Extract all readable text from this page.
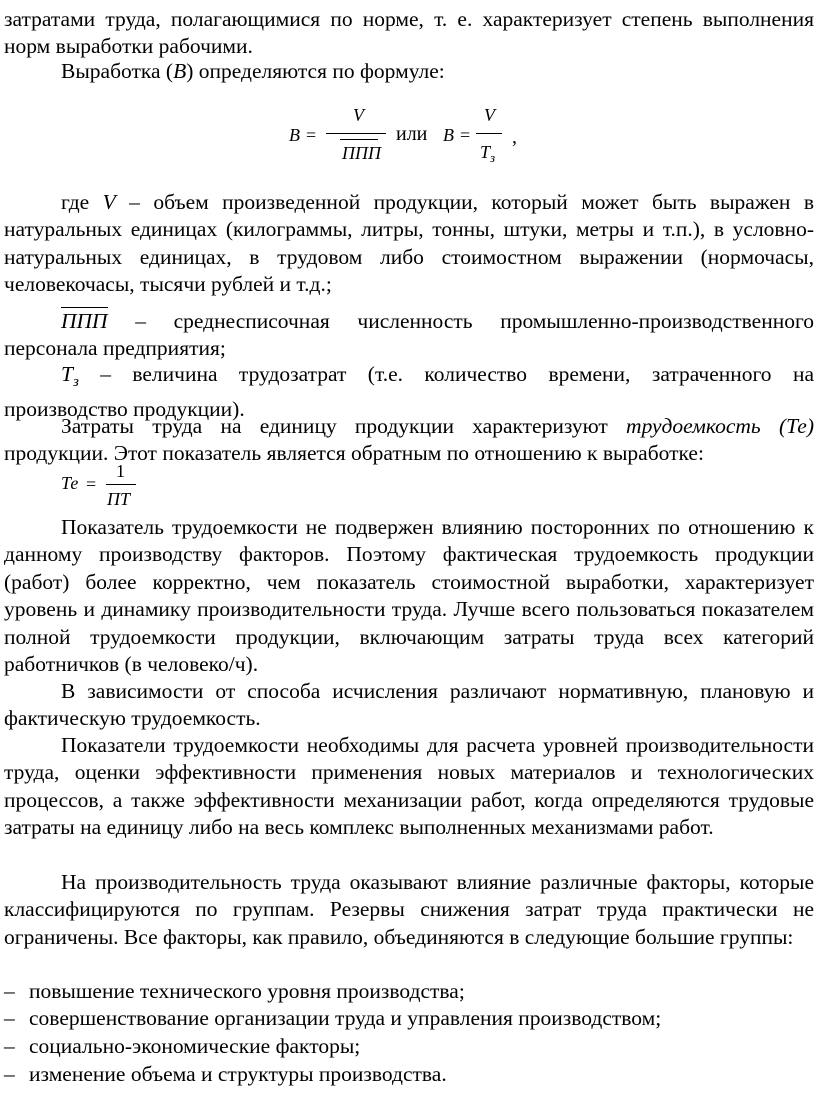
затратами труда, полагающимися по норме, т. е. характеризует степень выполнения норм выработки рабочими.

Выработка (В) определяются по формуле:

В =
V
ППП
или В =
V
$Т_з$
,

где V – объем произведенной продукции, который может быть выражен в натуральных единицах (килограммы, литры, тонны, штуки, метры и т.п.), в условно-натуральных единицах, в трудовом либо стоимостном выражении (нормочасы, человекочасы, тысячи рублей и т.д.;

ППП – среднесписочная численность промышленно-производственного персонала предприятия;

$Т_з$ – величина трудозатрат (т.е. количество времени, затраченного на производство продукции).

Затраты труда на единицу продукции характеризуют трудоемкость (Те) продукции. Этот показатель является обратным по отношению к выработке:

Те =
1
ПТ

Показатель трудоемкости не подвержен влиянию посторонних по отношению к данному производству факторов. Поэтому фактическая трудоемкость продукции (работ) более корректно, чем показатель стоимостной выработки, характеризует уровень и динамику производительности труда. Лучше всего пользоваться показателем полной трудоемкости продукции, включающим затраты труда всех категорий работничков (в человеко/ч).

В зависимости от способа исчисления различают нормативную, плановую и фактическую трудоемкость.

Показатели трудоемкости необходимы для расчета уровней производительности труда, оценки эффективности применения новых материалов и технологических процессов, а также эффективности механизации работ, когда определяются трудовые затраты на единицу либо на весь комплекс выполненных механизмами работ.

На производительность труда оказывают влияние различные факторы, которые классифицируются по группам. Резервы снижения затрат труда практически не ограничены. Все факторы, как правило, объединяются в следующие большие группы:

– повышение технического уровня производства;
– совершенствование организации труда и управления производством;
– социально-экономические факторы;
– изменение объема и структуры производства.
